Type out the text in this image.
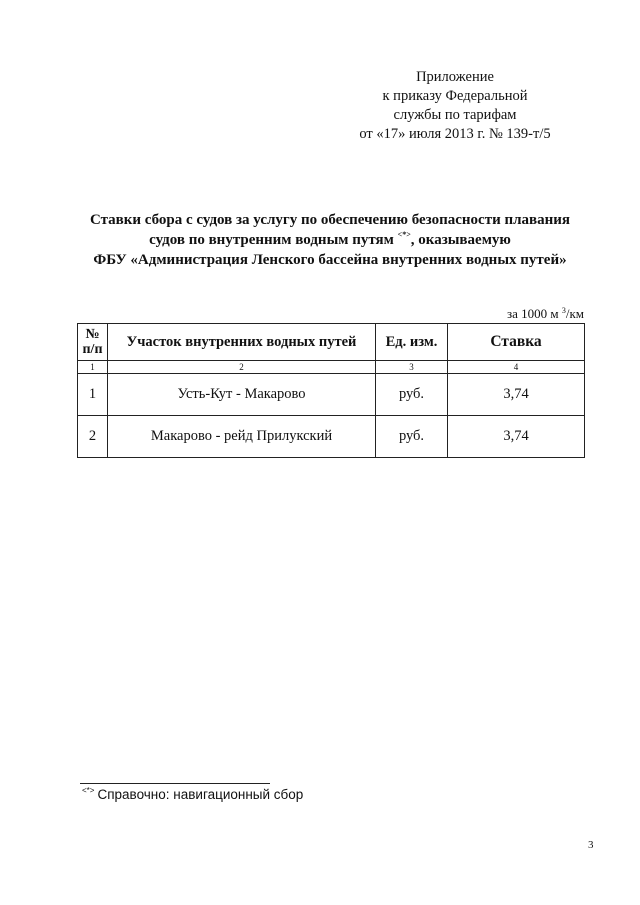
Приложение
к приказу Федеральной
службы по тарифам
от «17» июля 2013 г. № 139-т/5
Ставки сбора с судов за услугу по обеспечению безопасности плавания
судов по внутренним водным путям <*>, оказываемую
ФБУ «Администрация Ленского бассейна внутренних водных путей»
за 1000 м $^3$/км
№
п/п	Участок внутренних водных путей	Ед. изм.	Ставка
1	2	3	4
1	Усть-Кут - Макарово	руб.	3,74
2	Макарово - рейд Прилукский	руб.	3,74
<*> Справочно: навигационный сбор
3
